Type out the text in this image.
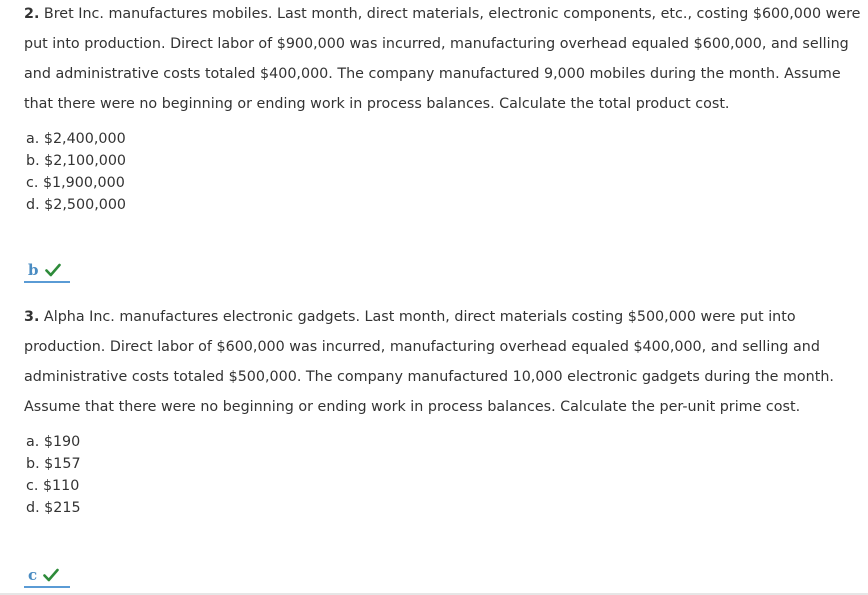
2. Bret Inc. manufactures mobiles. Last month, direct materials, electronic components, etc., costing $600,000 were put into production. Direct labor of $900,000 was incurred, manufacturing overhead equaled $600,000, and selling and administrative costs totaled $400,000. The company manufactured 9,000 mobiles during the month. Assume that there were no beginning or ending work in process balances. Calculate the total product cost.

a. $2,400,000
b. $2,100,000
c. $1,900,000
d. $2,500,000
b

3. Alpha Inc. manufactures electronic gadgets. Last month, direct materials costing $500,000 were put into production. Direct labor of $600,000 was incurred, manufacturing overhead equaled $400,000, and selling and administrative costs totaled $500,000. The company manufactured 10,000 electronic gadgets during the month. Assume that there were no beginning or ending work in process balances. Calculate the per-unit prime cost.

a. $190
b. $157
c. $110
d. $215
c
